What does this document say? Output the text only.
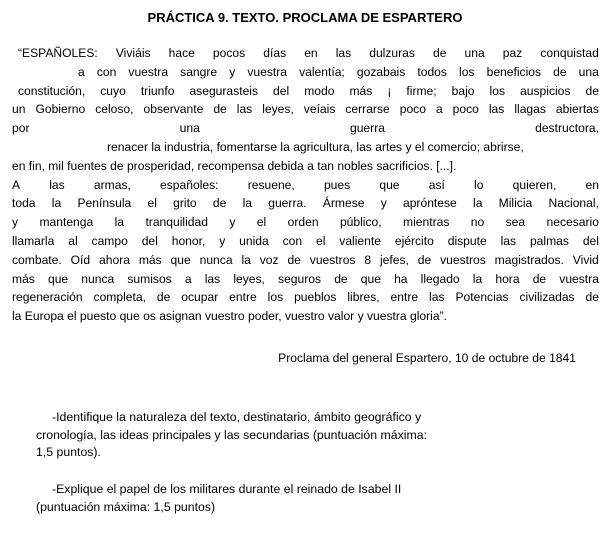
PRÁCTICA 9. TEXTO. PROCLAMA DE ESPARTERO
“ESPAÑOLES: Viviáis hace pocos días en las dulzuras de una paz conquistad
a con vuestra sangre y vuestra valentía; gozabais todos los beneficios de una
constitución, cuyo triunfo asegurasteis del modo más ¡ firme; bajo los auspicios de
un Gobierno celoso, observante de las leyes, veíais cerrarse poco a poco las llagas abiertas
por	una	guerra	destructora,
renacer la industria, fomentarse la agricultura, las artes y el comercio; abrirse,
en fin, mil fuentes de prosperidad, recompensa debida a tan nobles sacrificios. [...].
A las armas, españoles: resuene, pues que así lo quieren, en
toda la Península el grito de la guerra. Ármese y aprόntese la Milicia Nacional,
y mantenga la tranquilidad y el orden público, mientras no sea necesario
llamarla al campo del honor, y unida con el valiente ejército dispute las palmas del
combate. Oíd ahora más que nunca la voz de vuestros 8 jefes, de vuestros magistrados. Vivid
más que nunca sumisos a las leyes, seguros de que ha llegado la hora de vuestra
regeneración completa, de ocupar entre los pueblos libres, entre las Potencias civilizadas de
la Europa el puesto que os asignan vuestro poder, vuestro valor y vuestra gloria”.
Proclama del general Espartero, 10 de octubre de 1841
-Identifique la naturaleza del texto, destinatario, ámbito geográfico y
cronología, las ideas principales y las secundarias (puntuación máxima:
1,5 puntos).
-Explique el papel de los militares durante el reinado de Isabel II
(puntuación máxima: 1,5 puntos)
